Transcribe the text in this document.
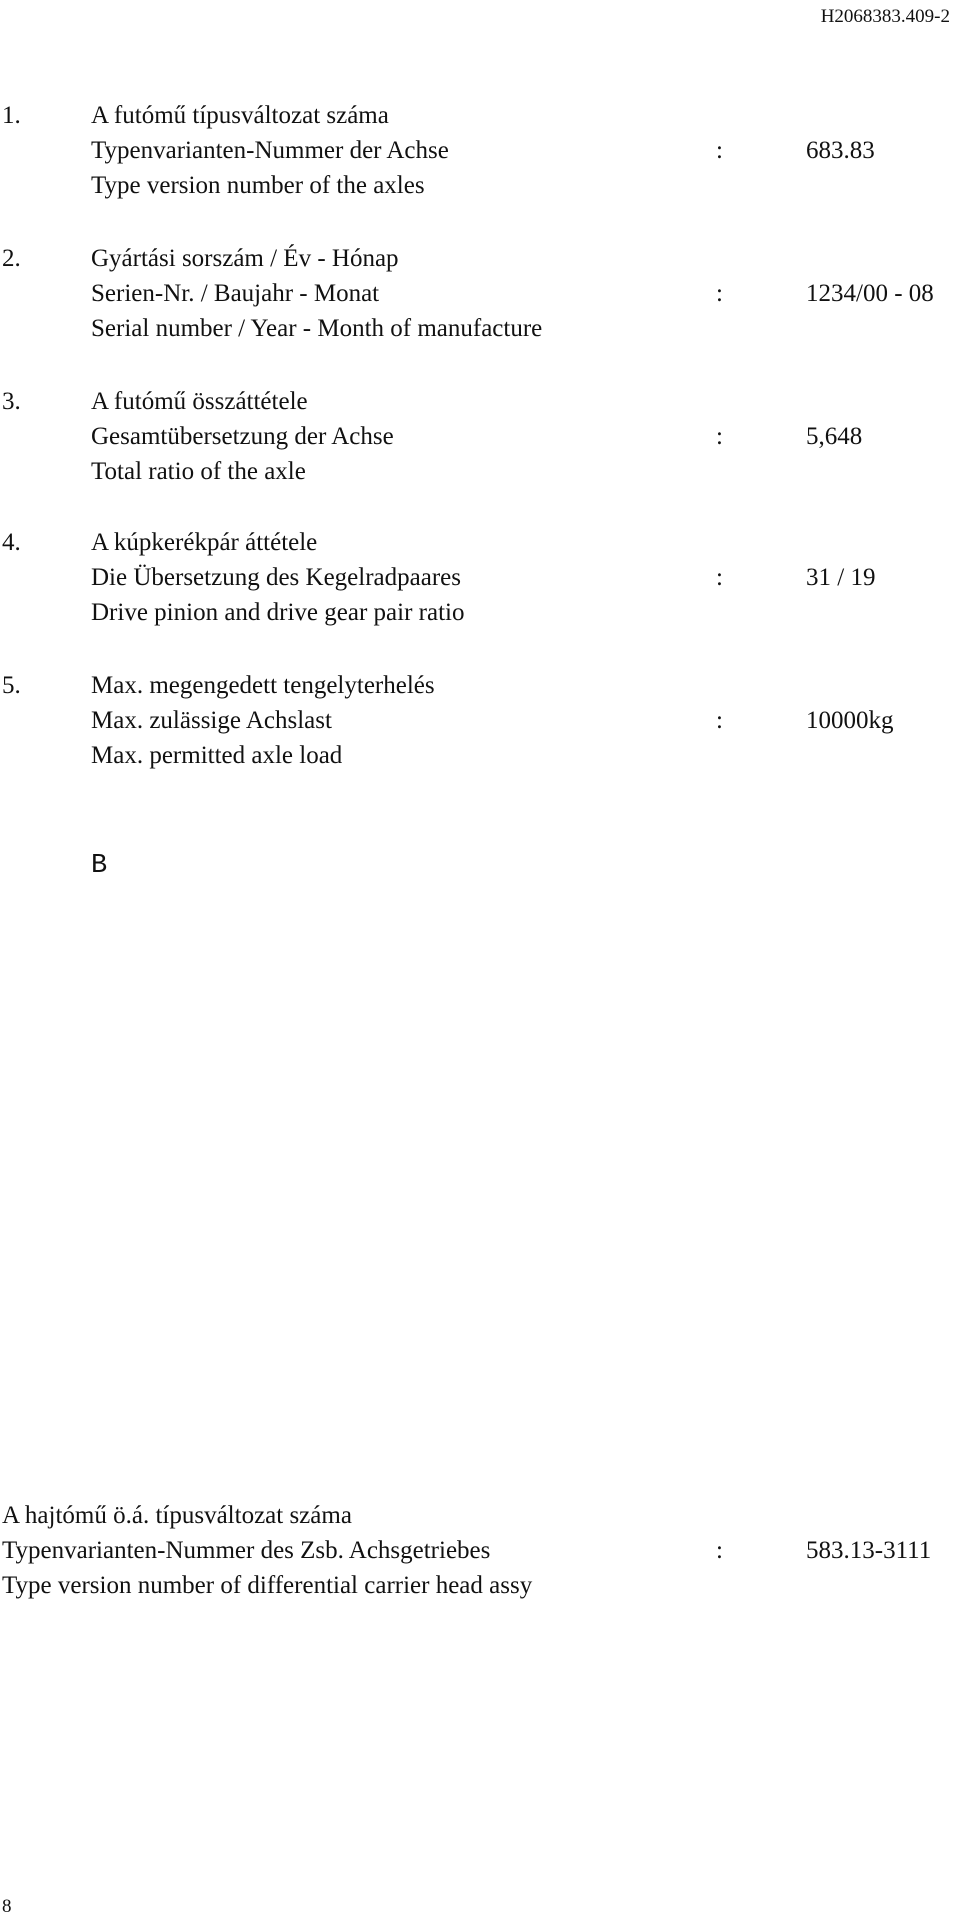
H2068383.409-2
1.	A futómű típusváltozat száma
Typenvarianten-Nummer der Achse	:	683.83
Type version number of the axles
2.	Gyártási sorszám / Év - Hónap
Serien-Nr. / Baujahr - Monat	:	1234/00 - 08
Serial number / Year - Month of manufacture
3.	A futómű összáttétele
Gesamtübersetzung der Achse	:	5,648
Total ratio of the axle
4.	A kúpkerékpár áttétele
Die Übersetzung des Kegelradpaares	:	31 / 19
Drive pinion and drive gear pair ratio
5.	Max. megengedett tengelyterhelés
Max. zulässige Achslast	:	10000kg
Max. permitted axle load
B
A hajtómű ö.á. típusváltozat száma
Typenvarianten-Nummer des Zsb. Achsgetriebes	:	583.13-3111
Type version number of differential carrier head assy
8
